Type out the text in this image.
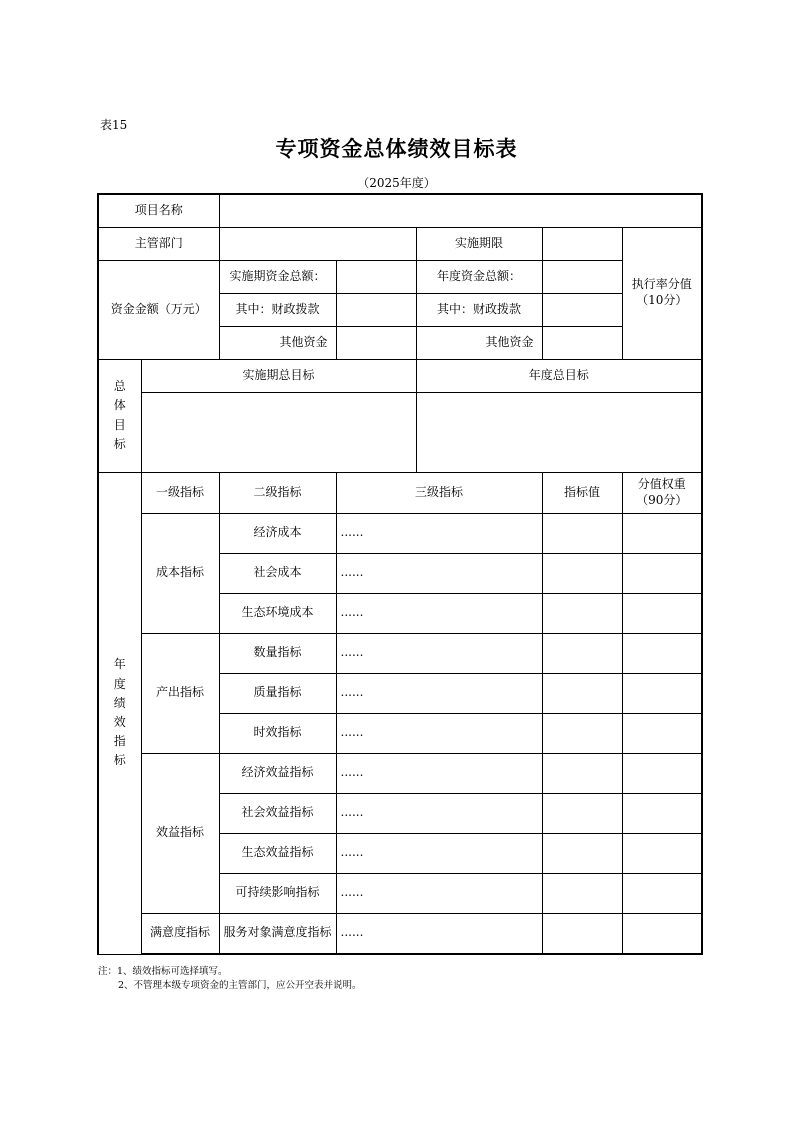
表15
专项资金总体绩效目标表
（2025年度）
项目名称						
主管部门				实施期限		执行率分值（10分）
资金金额（万元）		实施期资金总额：		年度资金总额：		
		其中：财政拨款		其中：财政拨款		
		其他资金		其他资金		
总体目标	实施期总目标			年度总目标		

年度绩效指标	一级指标	二级指标	三级指标		指标值	分值权重（90分）
	成本指标	经济成本	......			
		社会成本	......			
		生态环境成本	......			
	产出指标	数量指标	......			
		质量指标	......			
		时效指标	......			
	效益指标	经济效益指标	......			
		社会效益指标	......			
		生态效益指标	......			
		可持续影响指标	......			
	满意度指标	服务对象满意度指标	......			
注：1、绩效指标可选择填写。
2、不管理本级专项资金的主管部门，应公开空表并说明。
